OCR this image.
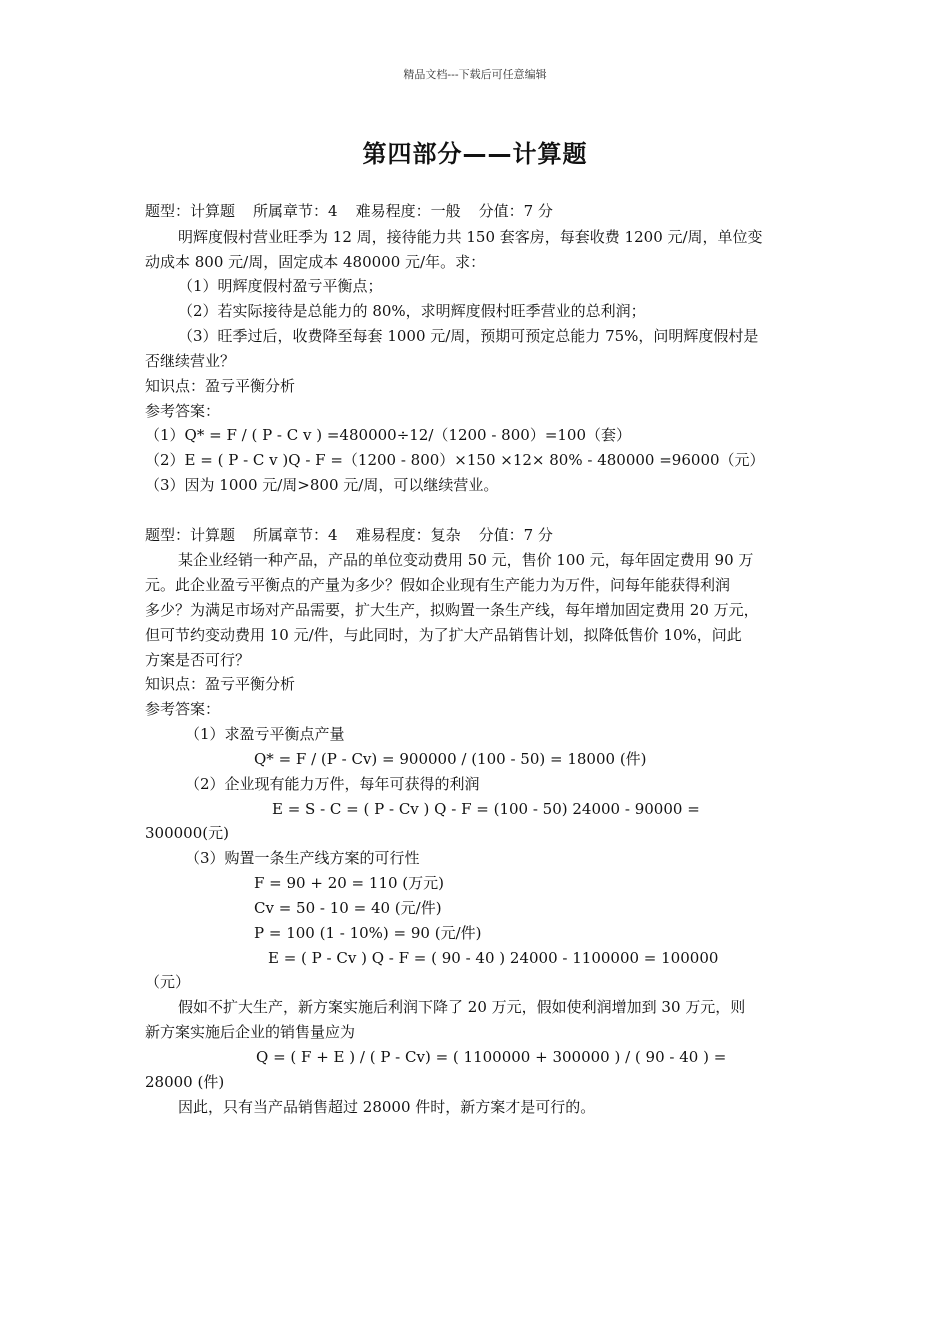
精品文档---下载后可任意编辑
第四部分——计算题
题型：计算题 所属章节：4 难易程度：一般 分值：7 分
明辉度假村营业旺季为 12 周，接待能力共 150 套客房，每套收费 1200 元/周，单位变
动成本 800 元/周，固定成本 480000 元/年。求：
（1）明辉度假村盈亏平衡点；
（2）若实际接待是总能力的 80%，求明辉度假村旺季营业的总利润；
（3）旺季过后，收费降至每套 1000 元/周，预期可预定总能力 75%，问明辉度假村是
否继续营业？
知识点：盈亏平衡分析
参考答案：
（1）Q* = F / ( P - C v ) =480000÷12/（1200 - 800）=100（套）
（2）E = ( P - C v )Q - F =（1200 - 800）×150 ×12× 80% - 480000 =96000（元）
（3）因为 1000 元/周>800 元/周，可以继续营业。
题型：计算题 所属章节：4 难易程度：复杂 分值：7 分
某企业经销一种产品，产品的单位变动费用 50 元，售价 100 元，每年固定费用 90 万
元。此企业盈亏平衡点的产量为多少？假如企业现有生产能力为万件，问每年能获得利润
多少？为满足市场对产品需要，扩大生产，拟购置一条生产线，每年增加固定费用 20 万元，
但可节约变动费用 10 元/件，与此同时，为了扩大产品销售计划，拟降低售价 10%，问此
方案是否可行？
知识点：盈亏平衡分析
参考答案：
（1）求盈亏平衡点产量
Q* = F / (P - Cv) = 900000 / (100 - 50) = 18000 (件)
（2）企业现有能力万件，每年可获得的利润
E = S - C = ( P - Cv ) Q - F = (100 - 50) 24000 - 90000 =
300000(元)
（3）购置一条生产线方案的可行性
F = 90 + 20 = 110 (万元)
Cv = 50 - 10 = 40 (元/件)
P = 100 (1 - 10%) = 90 (元/件)
E = ( P - Cv ) Q - F = ( 90 - 40 ) 24000 - 1100000 = 100000
（元）
假如不扩大生产，新方案实施后利润下降了 20 万元，假如使利润增加到 30 万元，则
新方案实施后企业的销售量应为
Q = ( F + E ) / ( P - Cv) = ( 1100000 + 300000 ) / ( 90 - 40 ) =
28000 (件)
因此，只有当产品销售超过 28000 件时，新方案才是可行的。
